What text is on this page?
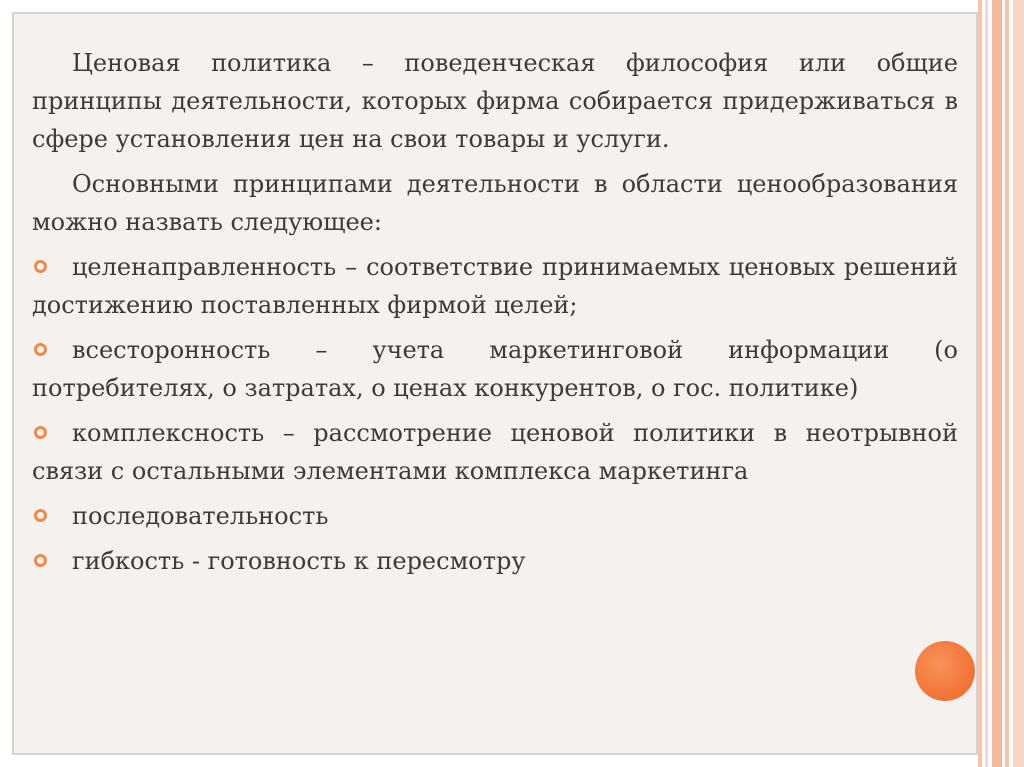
Ценовая политика – поведенческая философия или общие принципы деятельности, которых фирма собирается придерживаться в сфере установления цен на свои товары и услуги.

Основными принципами деятельности в области ценообразования можно назвать следующее:

целенаправленность – соответствие принимаемых ценовых решений достижению поставленных фирмой целей;
всесторонность – учета маркетинговой информации (о потребителях, о затратах, о ценах конкурентов, о гос. политике)
комплексность – рассмотрение ценовой политики в неотрывной связи с остальными элементами комплекса маркетинга
последовательность
гибкость - готовность к пересмотру
